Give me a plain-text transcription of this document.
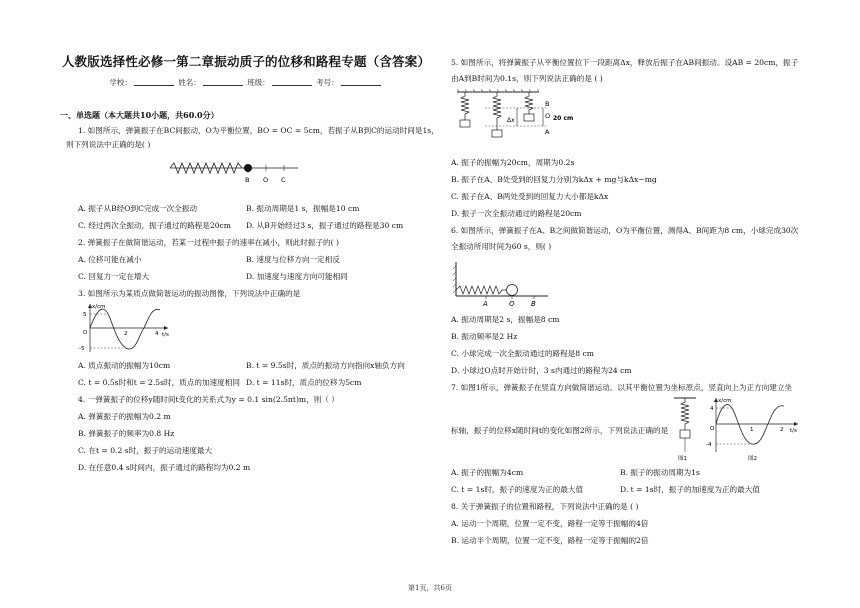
人教版选择性必修一第二章振动质子的位移和路程专题（含答案）
学校：	姓名：	班级：	考号：
一、单选题（本大题共10小题，共60.0分）
1. 如图所示，弹簧振子在BC间振动，O为平衡位置，BO = OC = 5cm，若振子从B到C的运动时间是1s，
则下列说法中正确的是( )
B O C
A. 振子从B经O到C完成一次全振动	B. 振动周期是1 s，振幅是10 cm
C. 经过两次全振动，振子通过的路程是20cm D. 从B开始经过3 s，振子通过的路程是30 cm
2. 弹簧振子在做简谐运动，若某一过程中振子的速率在减小，则此时振子的( )
A. 位移可能在减小	B. 速度与位移方向一定相反
C. 回复力一定在增大	D. 加速度与速度方向可能相同
3. 如图所示为某质点做简谐运动的振动图像，下列说法中正确的是
x/cm
t/s
5
-5
O	2	4
A. 质点振动的振幅为10cm	B. t = 9.5s时，质点的振动方向指向x轴负方向
C. t = 0.5s时和t = 2.5s时，质点的加速度相同 D. t = 11s时，质点的位移为5cm
4. 一弹簧振子的位移y随时间t变化的关系式为y = 0.1 sin(2.5πt)m，则（ ）
A. 弹簧振子的振幅为0.2 m
B. 弹簧振子的频率为0.8 Hz
C. 在t = 0.2 s时，振子的运动速度最大
D. 在任意0.4 s时间内，振子通过的路程均为0.2 m
5. 如图所示，将弹簧振子从平衡位置拉下一段距离Δx，释放后振子在AB间振动。设AB = 20cm，振子
由A到B时间为0.1s，则下列说法正确的是 ( )
B
O
A
Δx	20 cm
A. 振子的振幅为20cm，周期为0.2s
B. 振子在A、B处受到的回复力分别为kΔx + mg与kΔx−mg
C. 振子在A、B两处受到的回复力大小都是kΔx
D. 振子一次全振动通过的路程是20cm
6. 如图所示，弹簧振子在A、B之间做简谐运动，O为平衡位置，测得A、B间距为8 cm，小球完成30次
全振动所用时间为60 s，则( )
A	O B
A. 振动周期是2 s，振幅是8 cm
B. 振动频率是2 Hz
C. 小球完成一次全振动通过的路程是8 cm
D. 小球过O点时开始计时，3 s内通过的路程为24 cm
7. 如图1所示，弹簧振子在竖直方向做简谐运动。以其平衡位置为坐标原点，竖直向上为正方向建立坐
标轴，振子的位移x随时间t的变化如图2所示，下列说法正确的是
图1
x/cm
t/s
4
-4
O	1	2
图2
A. 振子的振幅为4cm	B. 振子的振动周期为1s
C. t = 1s时，振子的速度为正的最大值	D. t = 1s时，振子的加速度为正的最大值
8. 关于弹簧振子的位置和路程，下列说法中正确的是 ( )
A. 运动一个周期，位置一定不变，路程一定等于振幅的4倍
B. 运动半个周期，位置一定不变，路程一定等于振幅的2倍
第1页，共6页
